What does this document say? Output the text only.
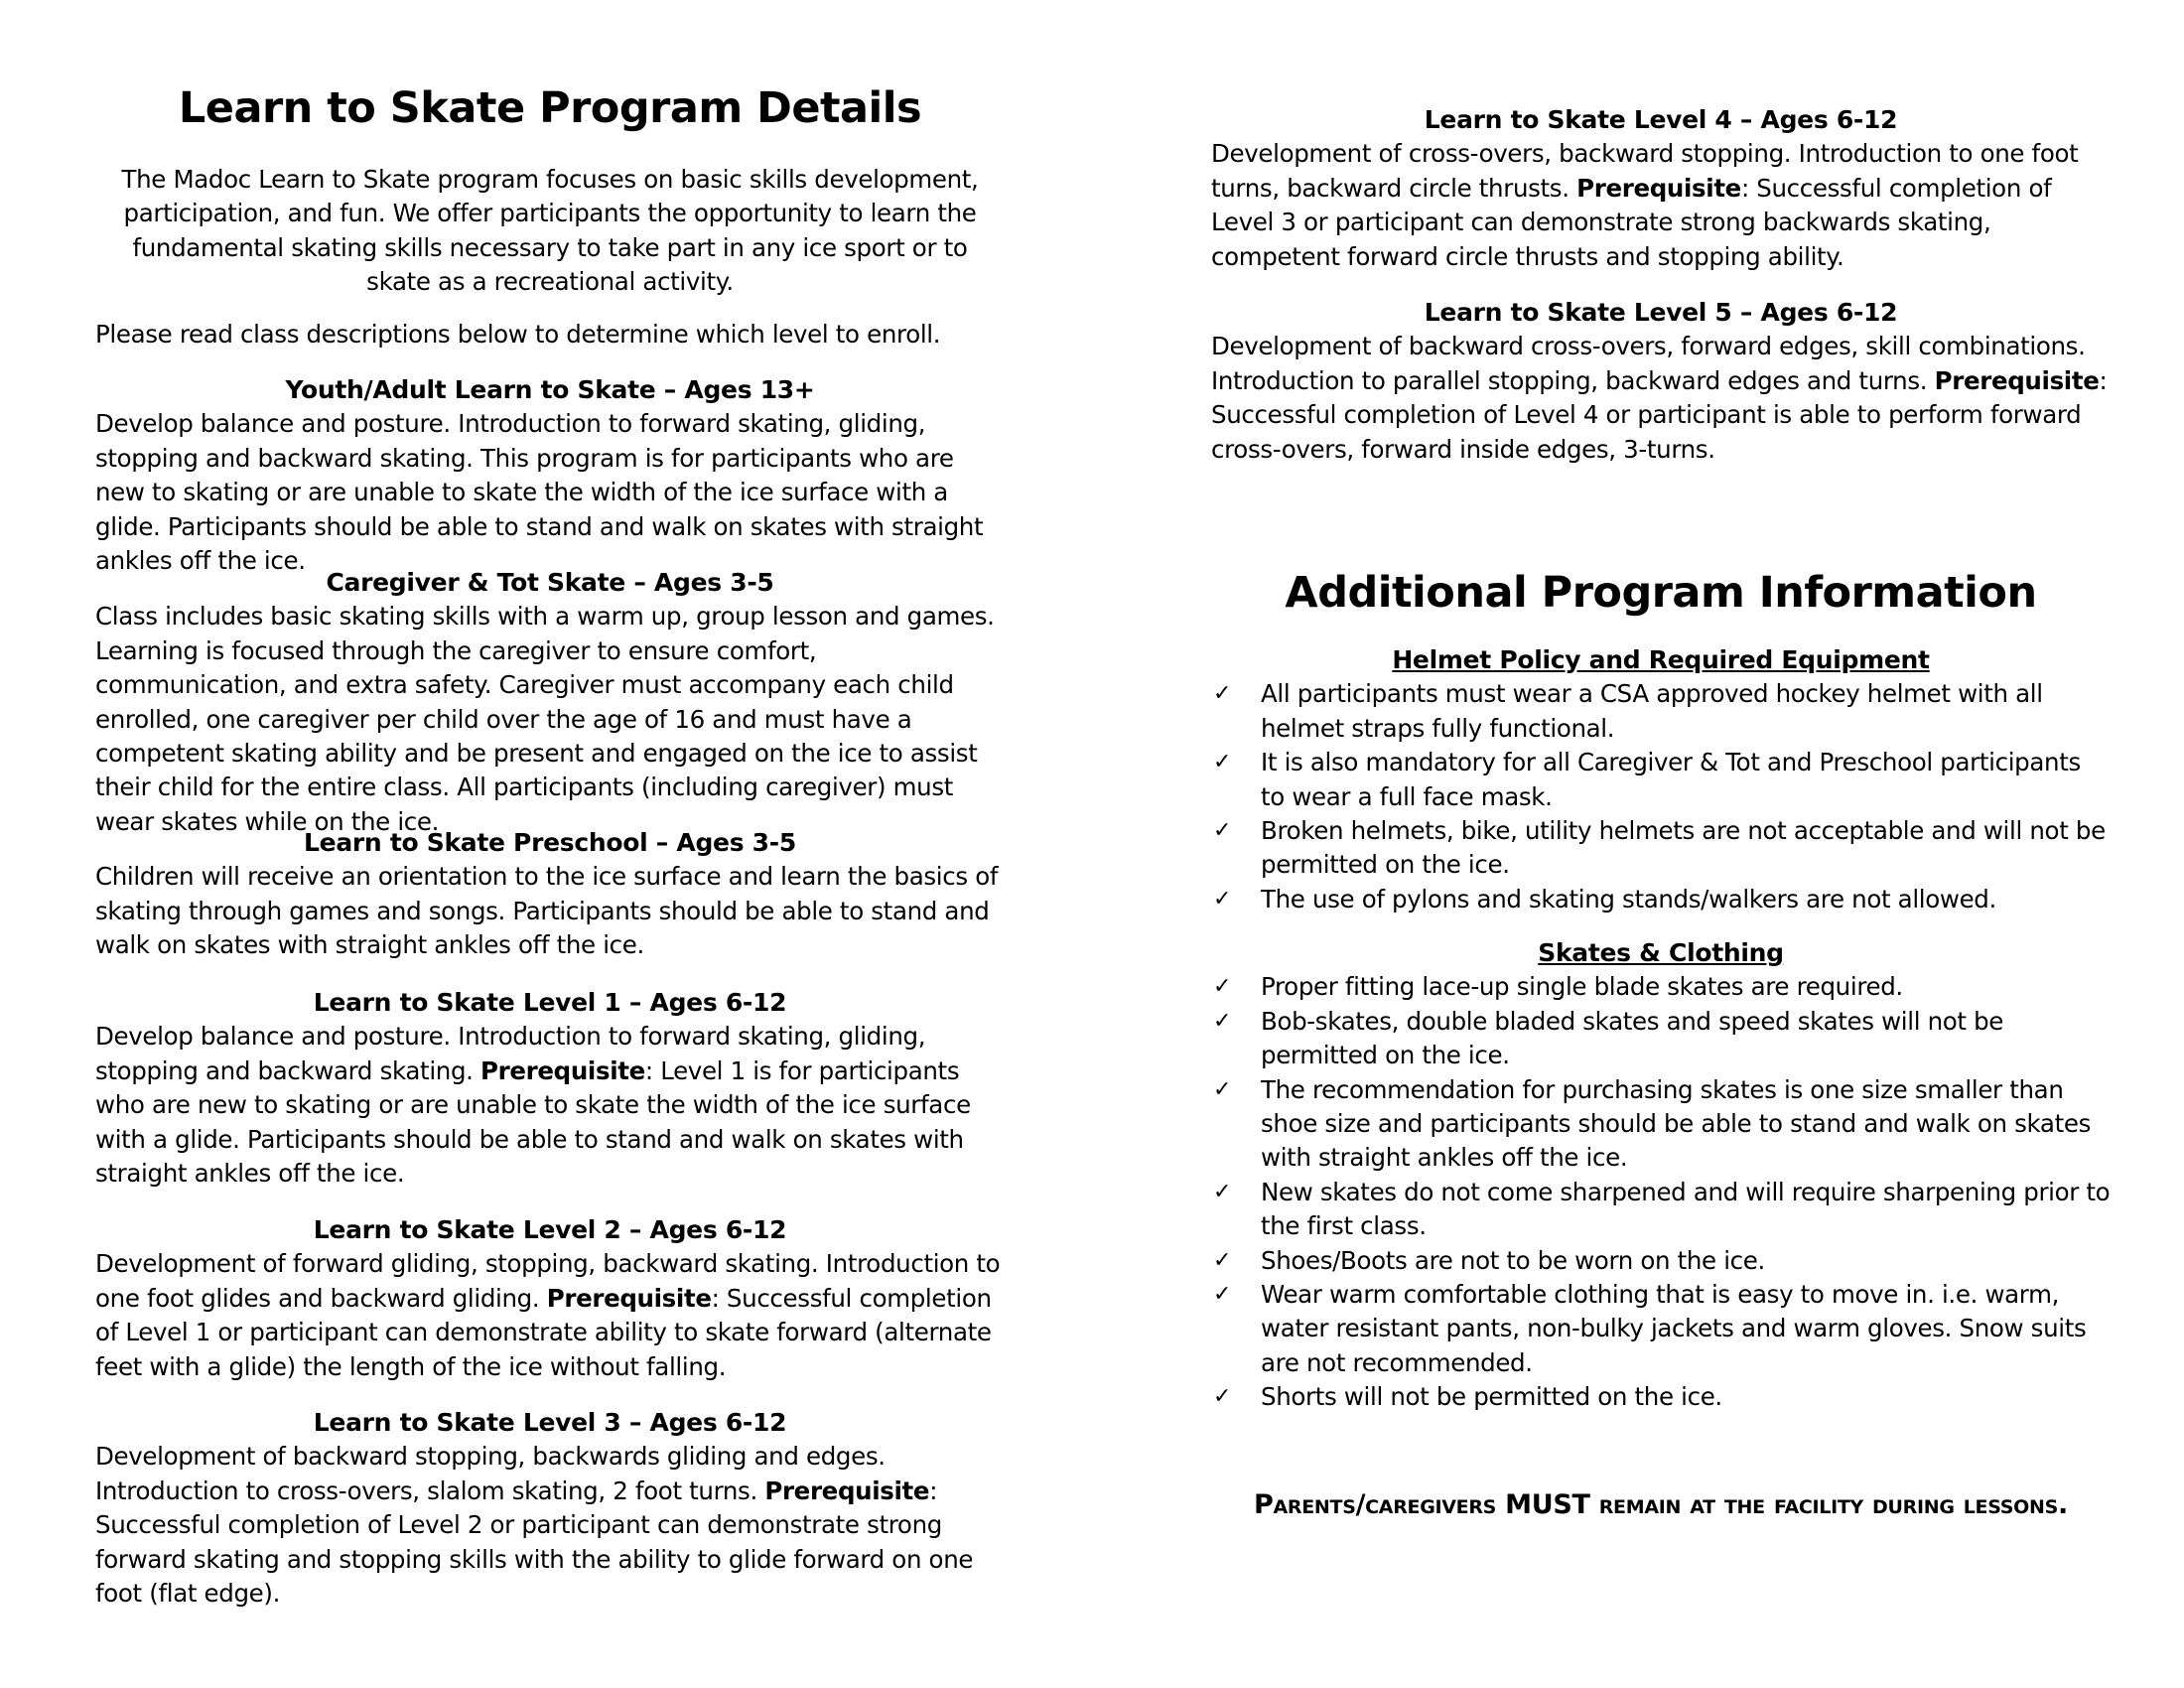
Learn to Skate Program Details

The Madoc Learn to Skate program focuses on basic skills development, participation, and fun. We offer participants the opportunity to learn the fundamental skating skills necessary to take part in any ice sport or to skate as a recreational activity.

Please read class descriptions below to determine which level to enroll.

Youth/Adult Learn to Skate – Ages 13+

Develop balance and posture. Introduction to forward skating, gliding, stopping and backward skating. This program is for participants who are new to skating or are unable to skate the width of the ice surface with a glide. Participants should be able to stand and walk on skates with straight ankles off the ice.

Caregiver & Tot Skate – Ages 3-5

Class includes basic skating skills with a warm up, group lesson and games. Learning is focused through the caregiver to ensure comfort, communication, and extra safety. Caregiver must accompany each child enrolled, one caregiver per child over the age of 16 and must have a competent skating ability and be present and engaged on the ice to assist their child for the entire class. All participants (including caregiver) must wear skates while on the ice.

Learn to Skate Preschool – Ages 3-5

Children will receive an orientation to the ice surface and learn the basics of skating through games and songs. Participants should be able to stand and walk on skates with straight ankles off the ice.

Learn to Skate Level 1 – Ages 6-12

Develop balance and posture. Introduction to forward skating, gliding, stopping and backward skating. Prerequisite: Level 1 is for participants who are new to skating or are unable to skate the width of the ice surface with a glide. Participants should be able to stand and walk on skates with straight ankles off the ice.

Learn to Skate Level 2 – Ages 6-12

Development of forward gliding, stopping, backward skating. Introduction to one foot glides and backward gliding. Prerequisite: Successful completion of Level 1 or participant can demonstrate ability to skate forward (alternate feet with a glide) the length of the ice without falling.

Learn to Skate Level 3 – Ages 6-12

Development of backward stopping, backwards gliding and edges. Introduction to cross-overs, slalom skating, 2 foot turns. Prerequisite: Successful completion of Level 2 or participant can demonstrate strong forward skating and stopping skills with the ability to glide forward on one foot (flat edge).

Learn to Skate Level 4 – Ages 6-12

Development of cross-overs, backward stopping. Introduction to one foot turns, backward circle thrusts. Prerequisite: Successful completion of Level 3 or participant can demonstrate strong backwards skating, competent forward circle thrusts and stopping ability.

Learn to Skate Level 5 – Ages 6-12

Development of backward cross-overs, forward edges, skill combinations. Introduction to parallel stopping, backward edges and turns. Prerequisite: Successful completion of Level 4 or participant is able to perform forward cross-overs, forward inside edges, 3-turns.

Additional Program Information

Helmet Policy and Required Equipment

✓ All participants must wear a CSA approved hockey helmet with all helmet straps fully functional.
✓ It is also mandatory for all Caregiver & Tot and Preschool participants to wear a full face mask.
✓ Broken helmets, bike, utility helmets are not acceptable and will not be permitted on the ice.
✓ The use of pylons and skating stands/walkers are not allowed.

Skates & Clothing

✓ Proper fitting lace-up single blade skates are required.
✓ Bob-skates, double bladed skates and speed skates will not be permitted on the ice.
✓ The recommendation for purchasing skates is one size smaller than shoe size and participants should be able to stand and walk on skates with straight ankles off the ice.
✓ New skates do not come sharpened and will require sharpening prior to the first class.
✓ Shoes/Boots are not to be worn on the ice.
✓ Wear warm comfortable clothing that is easy to move in. i.e. warm, water resistant pants, non-bulky jackets and warm gloves. Snow suits are not recommended.
✓ Shorts will not be permitted on the ice.

Parents/caregivers MUST remain at the facility during lessons.
